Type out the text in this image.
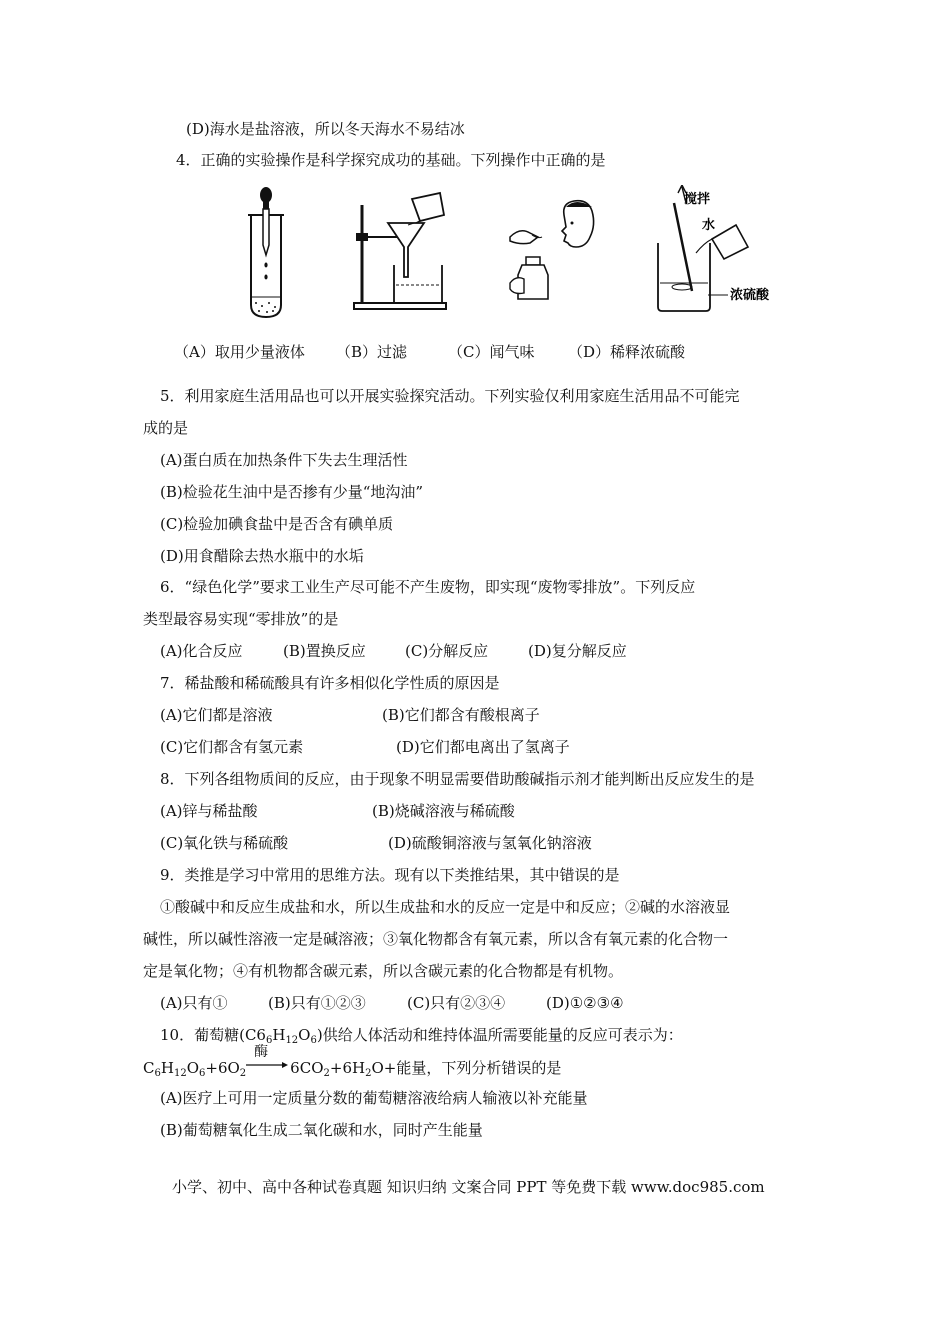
(D)海水是盐溶液，所以冬天海水不易结冰
4．正确的实验操作是科学探究成功的基础。下列操作中正确的是
搅拌
水
浓硫酸
（A）取用少量液体 （B）过滤	（C）闻气味 （D）稀释浓硫酸
5．利用家庭生活用品也可以开展实验探究活动。下列实验仅利用家庭生活用品不可能完
成的是
(A)蛋白质在加热条件下失去生理活性
(B)检验花生油中是否掺有少量“地沟油”
(C)检验加碘食盐中是否含有碘单质
(D)用食醋除去热水瓶中的水垢
6．“绿色化学”要求工业生产尽可能不产生废物，即实现“废物零排放”。下列反应
类型最容易实现“零排放”的是
(A)化合反应	(B)置换反应	(C)分解反应	(D)复分解反应
7．稀盐酸和稀硫酸具有许多相似化学性质的原因是
(A)它们都是溶液	(B)它们都含有酸根离子
(C)它们都含有氢元素	(D)它们都电离出了氢离子
8．下列各组物质间的反应，由于现象不明显需要借助酸碱指示剂才能判断出反应发生的是
(A)锌与稀盐酸	(B)烧碱溶液与稀硫酸
(C)氧化铁与稀硫酸	(D)硫酸铜溶液与氢氧化钠溶液
9．类推是学习中常用的思维方法。现有以下类推结果，其中错误的是
①酸碱中和反应生成盐和水，所以生成盐和水的反应一定是中和反应；②碱的水溶液显
碱性，所以碱性溶液一定是碱溶液；③氧化物都含有氧元素，所以含有氧元素的化合物一
定是氧化物；④有机物都含碳元素，所以含碳元素的化合物都是有机物。
(A)只有①	(B)只有①②③	(C)只有②③④	(D)①②③④
10．葡萄糖$(C6_6H_{12}O_6)$供给人体活动和维持体温所需要能量的反应可表示为：
$C_6H_{12}O_6+6O_2$
酶
$6CO_2+6H_2O+$能量，下列分析错误的是
(A)医疗上可用一定质量分数的葡萄糖溶液给病人输液以补充能量
(B)葡萄糖氧化生成二氧化碳和水，同时产生能量
小学、初中、高中各种试卷真题 知识归纳 文案合同 PPT 等免费下载 www.doc985.com
